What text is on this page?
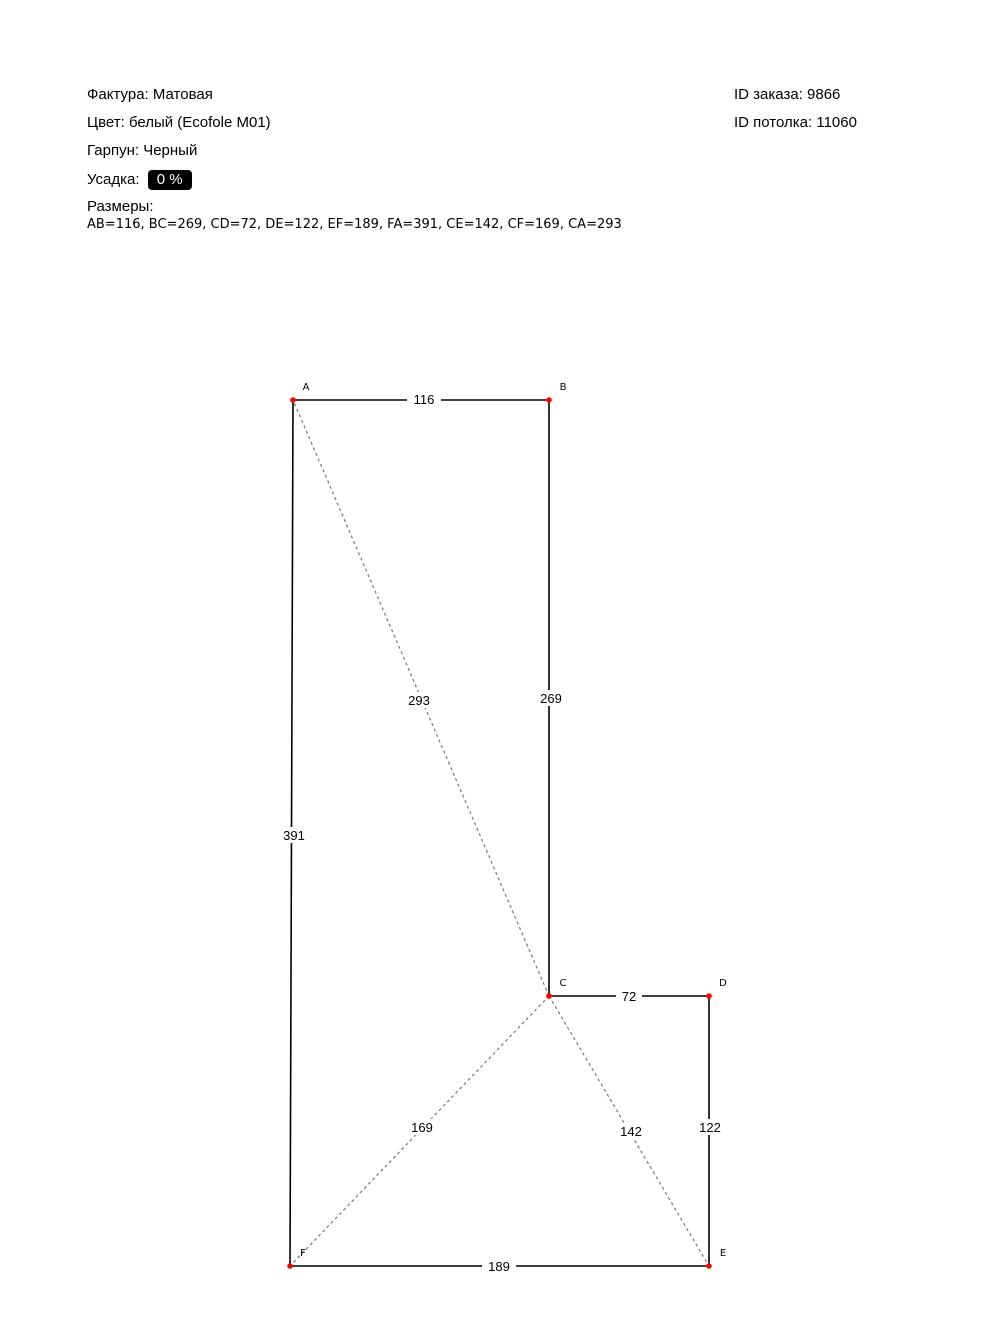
Фактура: Матовая
Цвет: белый (Ecofole M01)
Гарпун: Черный
Усадка: 0 %
Размеры:
AB=116, BC=269, CD=72, DE=122, EF=189, FA=391, CE=142, CF=169, CA=293
ID заказа: 9866
ID потолка: 11060
116
269
72
122
189
391
142
169
293
A	B
C	D
E
F
